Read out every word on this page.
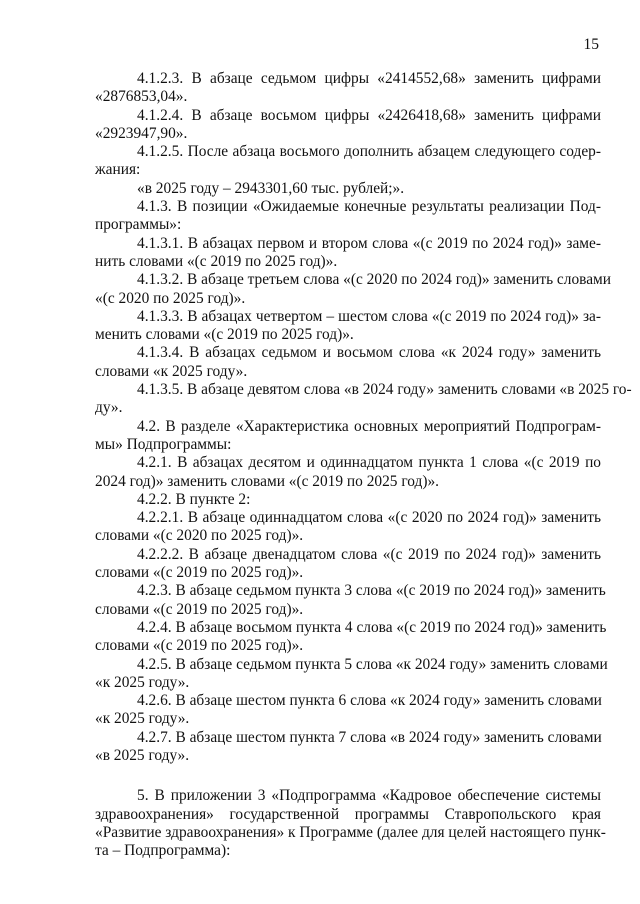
15
4.1.2.3. В абзаце седьмом цифры «2414552,68» заменить цифрами
«2876853,04».
4.1.2.4. В абзаце восьмом цифры «2426418,68» заменить цифрами
«2923947,90».
4.1.2.5. После абзаца восьмого дополнить абзацем следующего содер-
жания:
«в 2025 году – 2943301,60 тыс. рублей;».
4.1.3. В позиции «Ожидаемые конечные результаты реализации Под-
программы»:
4.1.3.1. В абзацах первом и втором слова «(с 2019 по 2024 год)» заме-
нить словами «(с 2019 по 2025 год)».
4.1.3.2. В абзаце третьем слова «(с 2020 по 2024 год)» заменить словами
«(с 2020 по 2025 год)».
4.1.3.3. В абзацах четвертом – шестом слова «(с 2019 по 2024 год)» за-
менить словами «(с 2019 по 2025 год)».
4.1.3.4. В абзацах седьмом и восьмом слова «к 2024 году» заменить
словами «к 2025 году».
4.1.3.5. В абзаце девятом слова «в 2024 году» заменить словами «в 2025 го-
ду».
4.2. В разделе «Характеристика основных мероприятий Подпрограм-
мы» Подпрограммы:
4.2.1. В абзацах десятом и одиннадцатом пункта 1 слова «(с 2019 по
2024 год)» заменить словами «(с 2019 по 2025 год)».
4.2.2. В пункте 2:
4.2.2.1. В абзаце одиннадцатом слова «(с 2020 по 2024 год)» заменить
словами «(с 2020 по 2025 год)».
4.2.2.2. В абзаце двенадцатом слова «(с 2019 по 2024 год)» заменить
словами «(с 2019 по 2025 год)».
4.2.3. В абзаце седьмом пункта 3 слова «(с 2019 по 2024 год)» заменить
словами «(с 2019 по 2025 год)».
4.2.4. В абзаце восьмом пункта 4 слова «(с 2019 по 2024 год)» заменить
словами «(с 2019 по 2025 год)».
4.2.5. В абзаце седьмом пункта 5 слова «к 2024 году» заменить словами
«к 2025 году».
4.2.6. В абзаце шестом пункта 6 слова «к 2024 году» заменить словами
«к 2025 году».
4.2.7. В абзаце шестом пункта 7 слова «в 2024 году» заменить словами
«в 2025 году».
5. В приложении 3 «Подпрограмма «Кадровое обеспечение системы
здравоохранения» государственной программы Ставропольского края
«Развитие здравоохранения» к Программе (далее для целей настоящего пунк-
та – Подпрограмма):
